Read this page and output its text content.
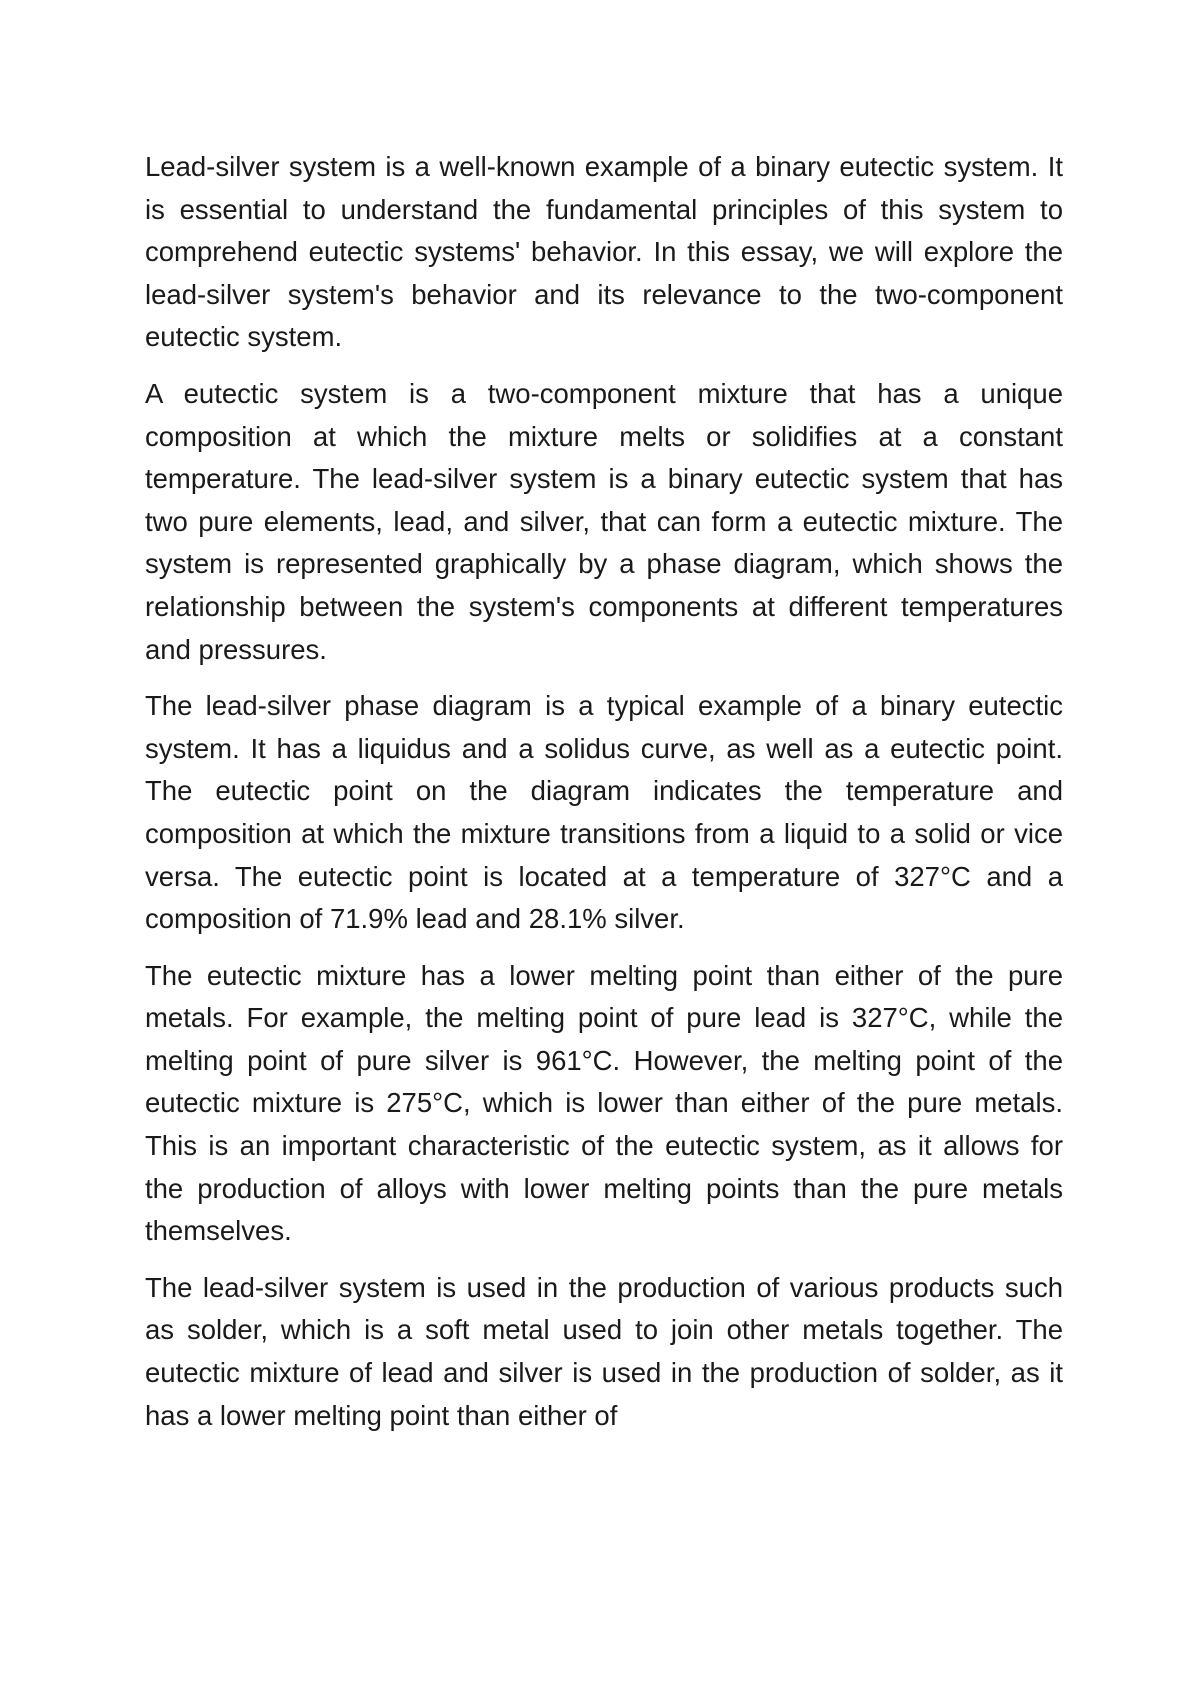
Lead-silver system is a well-known example of a binary eutectic system. It is essential to understand the fundamental principles of this system to comprehend eutectic systems' behavior. In this essay, we will explore the lead-silver system's behavior and its relevance to the two-component eutectic system.

A eutectic system is a two-component mixture that has a unique composition at which the mixture melts or solidifies at a constant temperature. The lead-silver system is a binary eutectic system that has two pure elements, lead, and silver, that can form a eutectic mixture. The system is represented graphically by a phase diagram, which shows the relationship between the system's components at different temperatures and pressures.

The lead-silver phase diagram is a typical example of a binary eutectic system. It has a liquidus and a solidus curve, as well as a eutectic point. The eutectic point on the diagram indicates the temperature and composition at which the mixture transitions from a liquid to a solid or vice versa. The eutectic point is located at a temperature of 327°C and a composition of 71.9% lead and 28.1% silver.

The eutectic mixture has a lower melting point than either of the pure metals. For example, the melting point of pure lead is 327°C, while the melting point of pure silver is 961°C. However, the melting point of the eutectic mixture is 275°C, which is lower than either of the pure metals. This is an important characteristic of the eutectic system, as it allows for the production of alloys with lower melting points than the pure metals themselves.

The lead-silver system is used in the production of various products such as solder, which is a soft metal used to join other metals together. The eutectic mixture of lead and silver is used in the production of solder, as it has a lower melting point than either of
